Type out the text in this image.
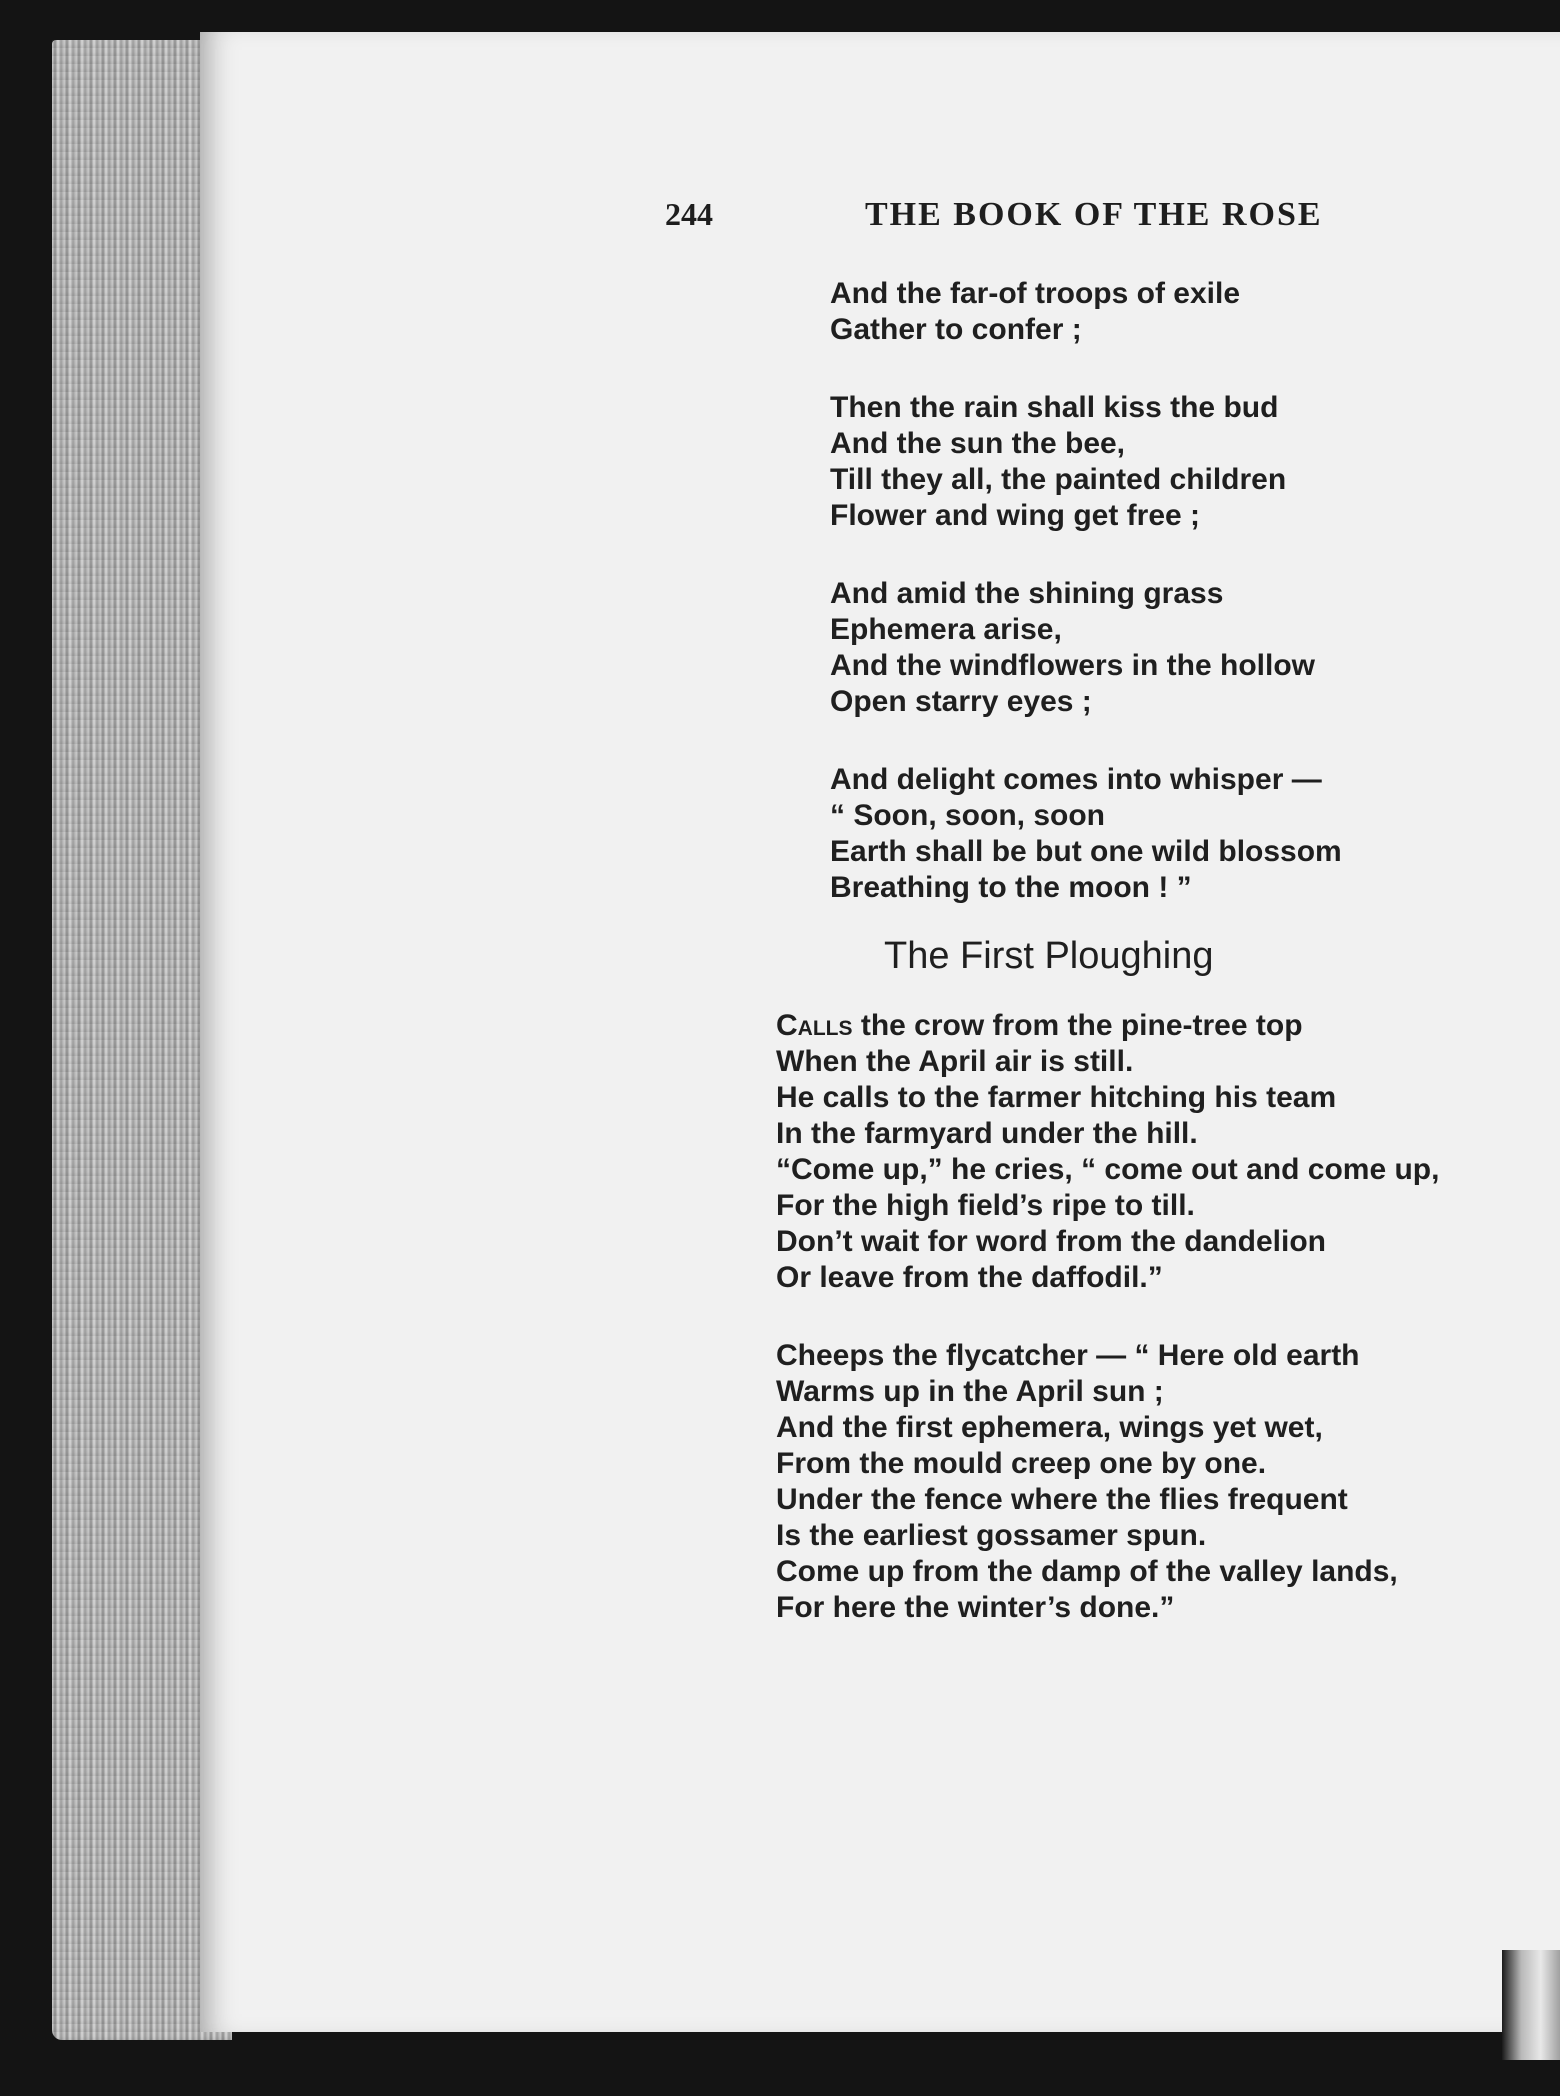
244	THE BOOK OF THE ROSE
And the far-of troops of exile
Gather to confer ;
Then the rain shall kiss the bud
And the sun the bee,
Till they all, the painted children
Flower and wing get free ;
And amid the shining grass
Ephemera arise,
And the windflowers in the hollow
Open starry eyes ;
And delight comes into whisper —
“ Soon, soon, soon
Earth shall be but one wild blossom
Breathing to the moon ! ”
The First Ploughing
Calls the crow from the pine-tree top
When the April air is still.
He calls to the farmer hitching his team
In the farmyard under the hill.
“Come up,” he cries, “ come out and come up,
For the high field’s ripe to till.
Don’t wait for word from the dandelion
Or leave from the daffodil.”
Cheeps the flycatcher — “ Here old earth
Warms up in the April sun ;
And the first ephemera, wings yet wet,
From the mould creep one by one.
Under the fence where the flies frequent
Is the earliest gossamer spun.
Come up from the damp of the valley lands,
For here the winter’s done.”
